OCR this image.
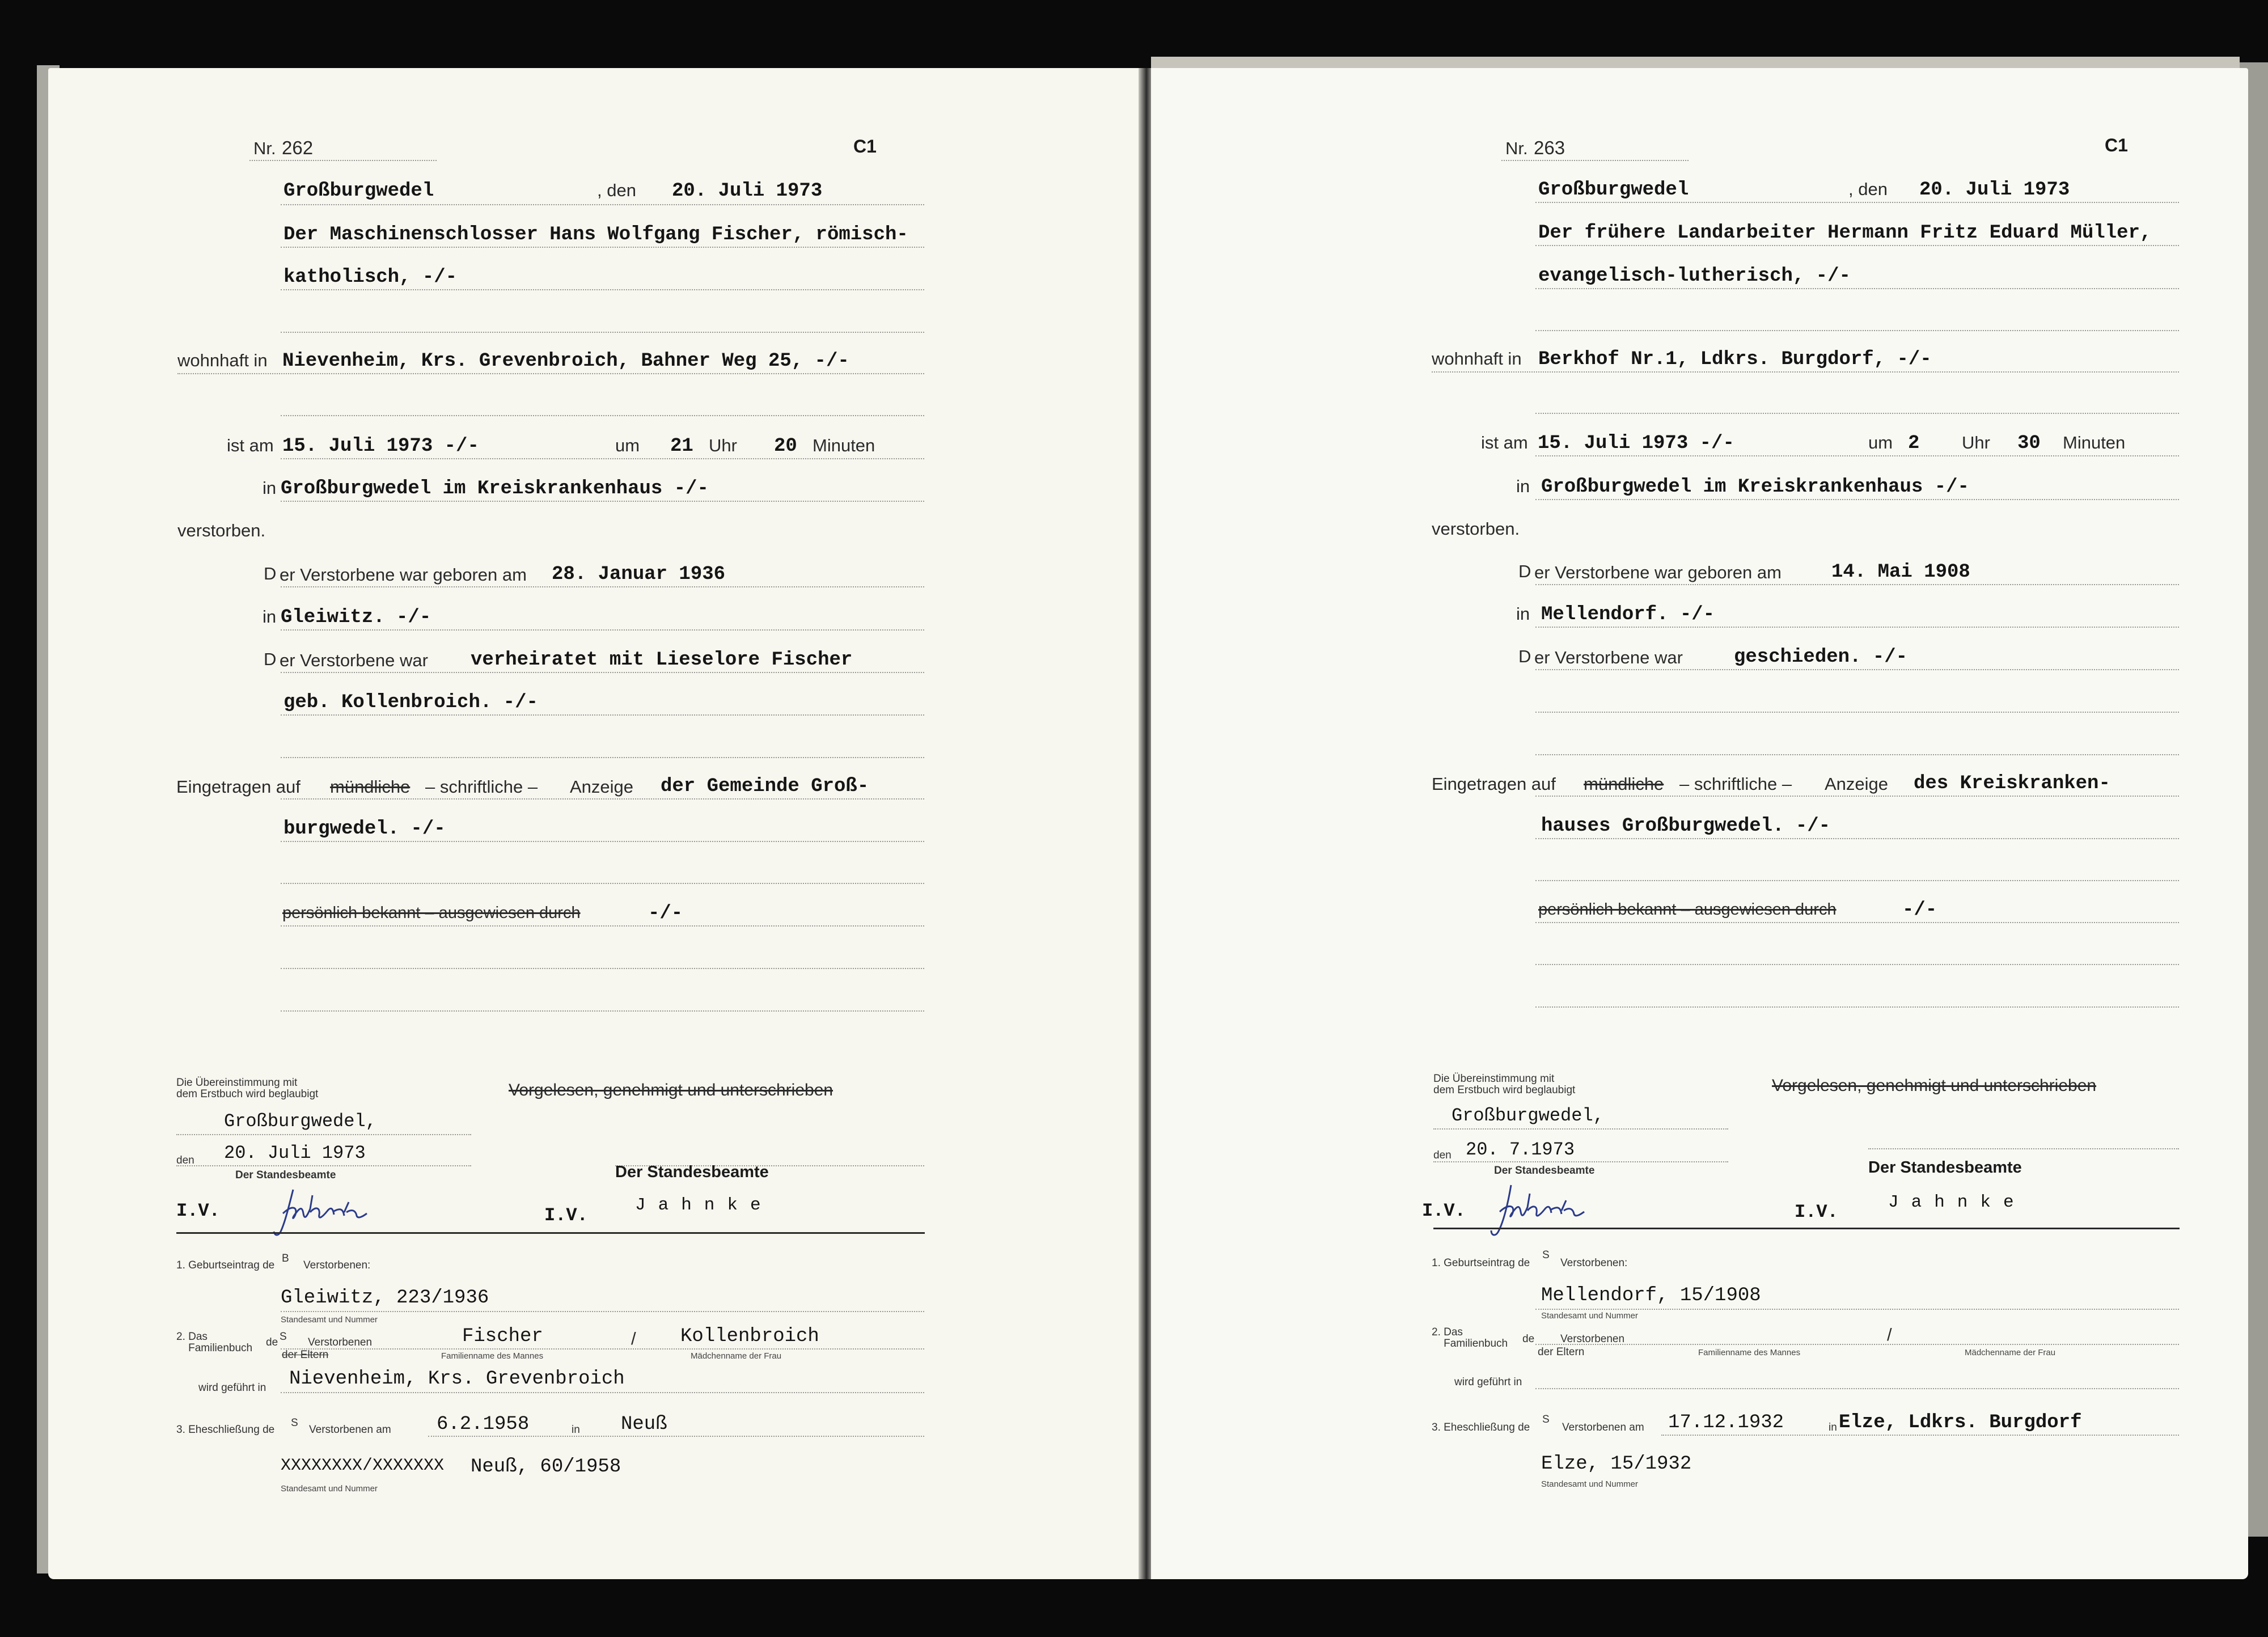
Nr. 262	C1
Großburgwedel	, den 20. Juli 1973
Der Maschinenschlosser Hans Wolfgang Fischer, römisch-
katholisch, -/-
wohnhaft in Nievenheim, Krs. Grevenbroich, Bahner Weg 25, -/-
ist am 15. Juli 1973 -/-	um 21 Uhr 20 Minuten
in Großburgwedel im Kreiskrankenhaus -/-
verstorben.
D er Verstorbene war geboren am 28. Januar 1936
in Gleiwitz. -/-
D er Verstorbene war verheiratet mit Lieselore Fischer
geb. Kollenbroich. -/-
Eingetragen auf mündliche – schriftliche – Anzeige der Gemeinde Groß-
burgwedel. -/-
persönlich bekannt – ausgewiesen durch	-/-
Die Übereinstimmung mit
dem Erstbuch wird beglaubigt	Vorgelesen, genehmigt und unterschrieben
Großburgwedel,
den 20. Juli 1973
Der Standesbeamte	Der Standesbeamte
I.V.	I.V.	Jahnke
1. Geburtseintrag de
B
Verstorbenen:
Gleiwitz, 223/1936
Standesamt und Nummer
2. Das
Familienbuch de S Verstorbenen
der Eltern
Fischer	/ Kollenbroich
Familienname des Mannes	Mädchenname der Frau
wird geführt in Nievenheim, Krs. Grevenbroich
3. Eheschließung de
S
Verstorbenen am 6.2.1958	in Neuß
XXXXXXXX/XXXXXXX Neuß, 60/1958
Standesamt und Nummer
Nr. 263	C1
Großburgwedel	, den 20. Juli 1973
Der frühere Landarbeiter Hermann Fritz Eduard Müller,
evangelisch-lutherisch, -/-
wohnhaft in Berkhof Nr.1, Ldkrs. Burgdorf, -/-
ist am 15. Juli 1973 -/-	um 2 Uhr 30 Minuten
in Großburgwedel im Kreiskrankenhaus -/-
verstorben.
D er Verstorbene war geboren am	14. Mai 1908
in Mellendorf. -/-
D er Verstorbene war	geschieden. -/-
Eingetragen auf mündliche – schriftliche – Anzeige des Kreiskranken-
hauses Großburgwedel. -/-
persönlich bekannt – ausgewiesen durch	-/-
Die Übereinstimmung mit
dem Erstbuch wird beglaubigt	Vorgelesen, genehmigt und unterschrieben
Großburgwedel,
den 20. 7.1973
Der Standesbeamte	Der Standesbeamte
I.V.	I.V.	Jahnke
1. Geburtseintrag de
S
Verstorbenen:
Mellendorf, 15/1908
Standesamt und Nummer
2. Das
Familienbuch de Verstorbenen
der Eltern
/
Familienname des Mannes	Mädchenname der Frau
wird geführt in
3. Eheschließung de
S
Verstorbenen am 17.12.1932	in Elze, Ldkrs. Burgdorf
Elze, 15/1932
Standesamt und Nummer
